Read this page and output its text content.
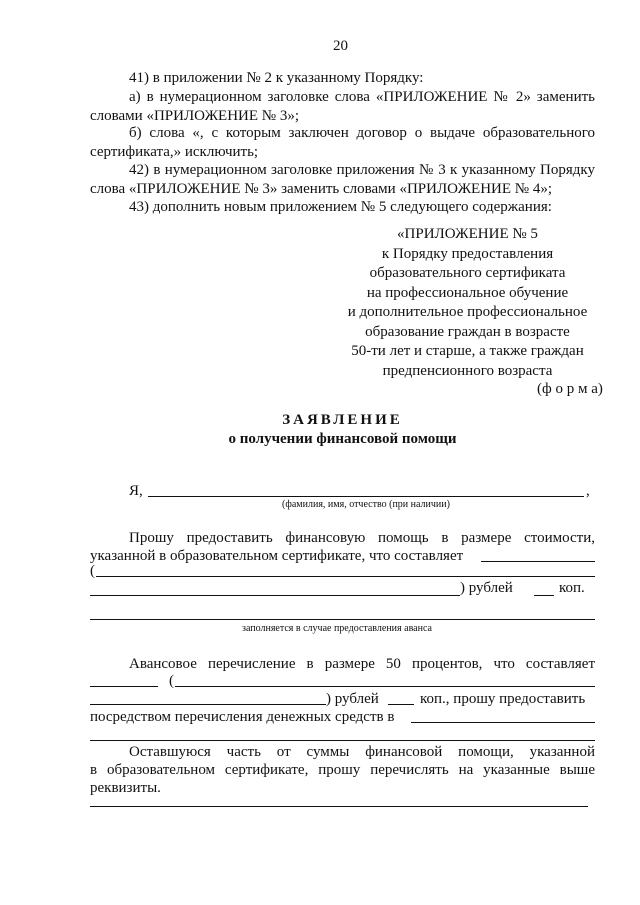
20
41) в приложении № 2 к указанному Порядку:
а) в нумерационном заголовке слова «ПРИЛОЖЕНИЕ № 2» заменить
словами «ПРИЛОЖЕНИЕ № 3»;
б) слова «, с которым заключен договор о выдаче образовательного
сертификата,» исключить;
42) в нумерационном заголовке приложения № 3 к указанному Порядку
слова «ПРИЛОЖЕНИЕ № 3» заменить словами «ПРИЛОЖЕНИЕ № 4»;
43) дополнить новым приложением № 5 следующего содержания:
«ПРИЛОЖЕНИЕ № 5
к Порядку предоставления
образовательного сертификата
на профессиональное обучение
и дополнительное профессиональное
образование граждан в возрасте
50-ти лет и старше, а также граждан
предпенсионного возраста
(ф о р м а)
ЗАЯВЛЕНИЕ
о получении финансовой помощи
Я,	,
(фамилия, имя, отчество (при наличии)
Прошу предоставить финансовую помощь в размере стоимости,
указанной в образовательном сертификате, что составляет
(
) рублей	коп.
заполняется в случае предоставления аванса
Авансовое перечисление в размере 50 процентов, что составляет
(
) рублей	коп., прошу предоставить
посредством перечисления денежных средств в
Оставшуюся часть от суммы финансовой помощи, указанной
в образовательном сертификате, прошу перечислять на указанные выше
реквизиты.
